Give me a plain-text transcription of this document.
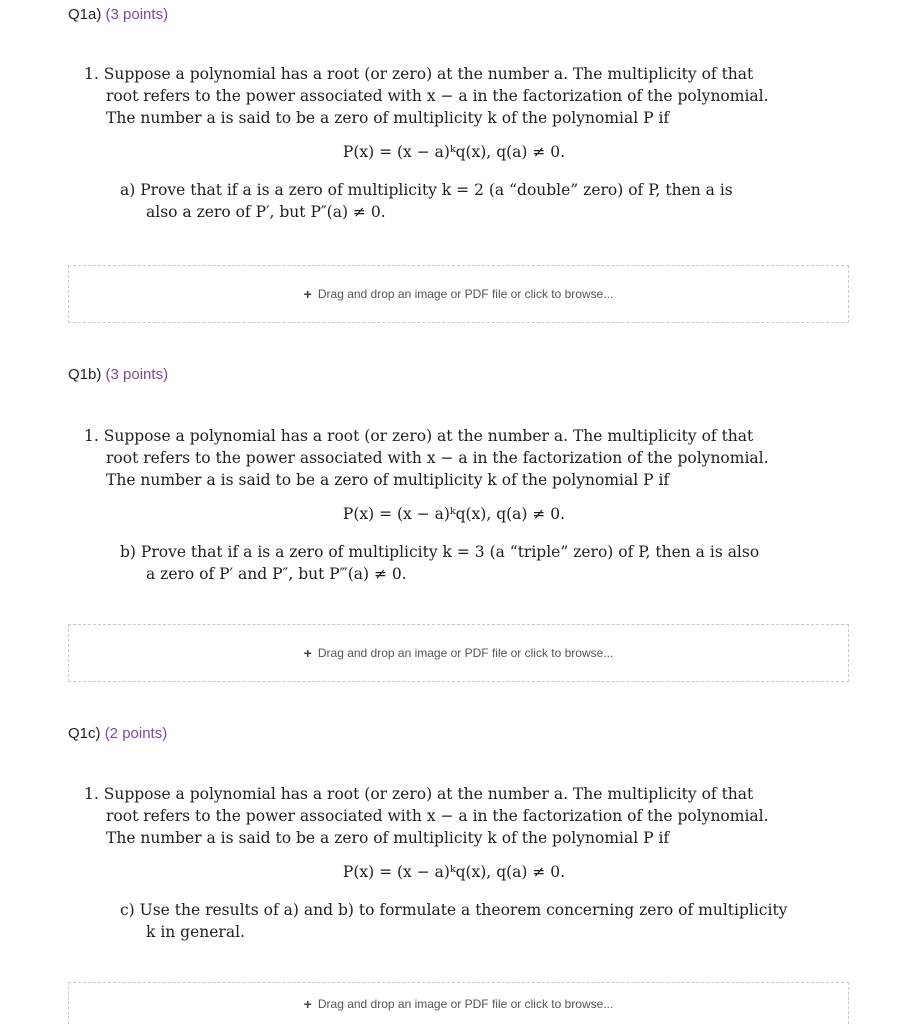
Q1a) (3 points)
1. Suppose a polynomial has a root (or zero) at the number a. The multiplicity of that
root refers to the power associated with x − a in the factorization of the polynomial.
The number a is said to be a zero of multiplicity k of the polynomial P if
P(x) = (x − a)ᵏq(x), q(a) ≠ 0.
a) Prove that if a is a zero of multiplicity k = 2 (a “double” zero) of P, then a is
also a zero of P′, but P″(a) ≠ 0.
+ Drag and drop an image or PDF file or click to browse...
Q1b) (3 points)
1. Suppose a polynomial has a root (or zero) at the number a. The multiplicity of that
root refers to the power associated with x − a in the factorization of the polynomial.
The number a is said to be a zero of multiplicity k of the polynomial P if
P(x) = (x − a)ᵏq(x), q(a) ≠ 0.
b) Prove that if a is a zero of multiplicity k = 3 (a “triple” zero) of P, then a is also
a zero of P′ and P″, but P‴(a) ≠ 0.
+ Drag and drop an image or PDF file or click to browse...
Q1c) (2 points)
1. Suppose a polynomial has a root (or zero) at the number a. The multiplicity of that
root refers to the power associated with x − a in the factorization of the polynomial.
The number a is said to be a zero of multiplicity k of the polynomial P if
P(x) = (x − a)ᵏq(x), q(a) ≠ 0.
c) Use the results of a) and b) to formulate a theorem concerning zero of multiplicity
k in general.
+ Drag and drop an image or PDF file or click to browse...
